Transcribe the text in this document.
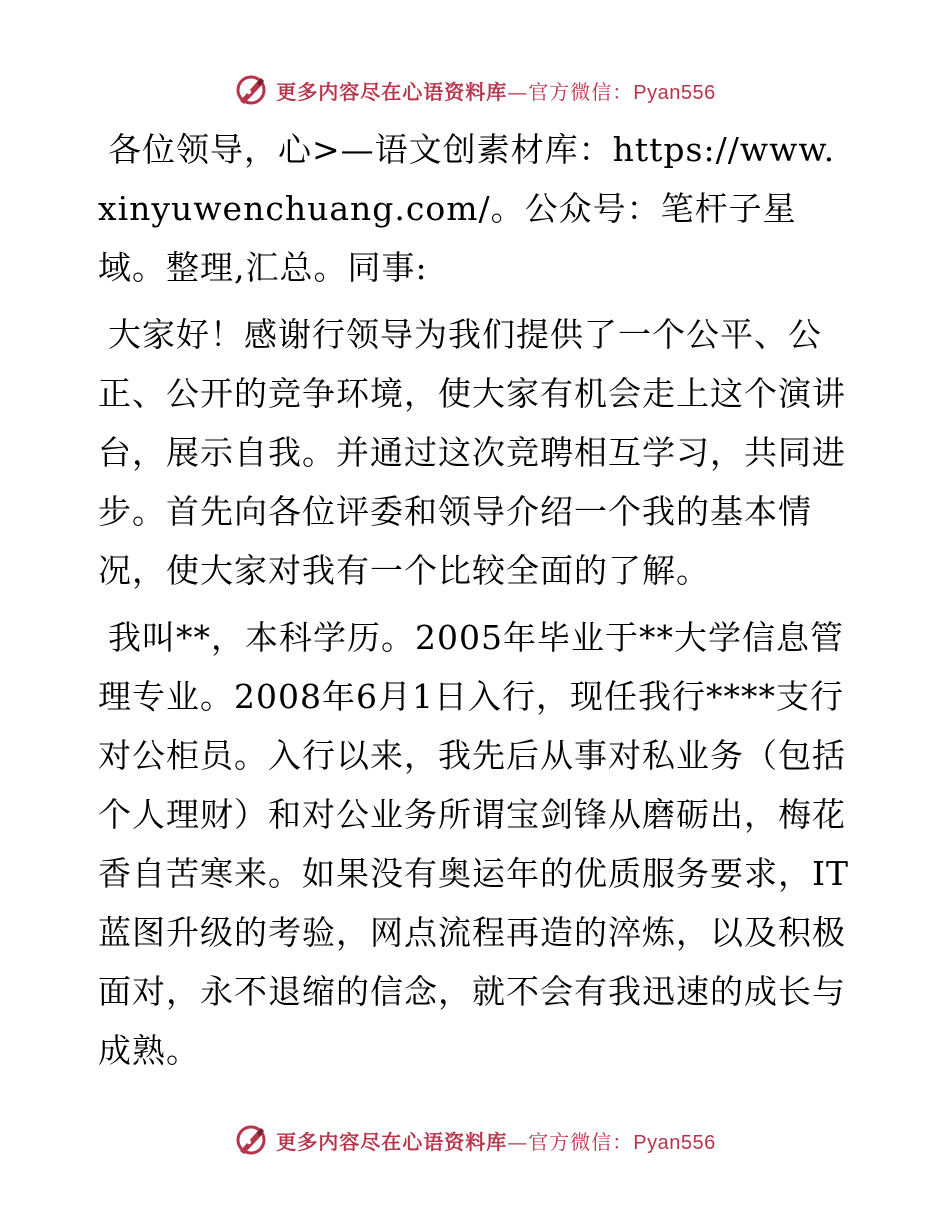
更多内容尽在心语资料库 —官方微信： Pyan556

各位领导，心>—语文创素材库：https://www.xinyuwenchuang.com/。公众号：笔杆子星域。整理,汇总。同事:

大家好！感谢行领导为我们提供了一个公平、公正、公开的竞争环境，使大家有机会走上这个演讲台，展示自我。并通过这次竞聘相互学习，共同进步。首先向各位评委和领导介绍一个我的基本情况，使大家对我有一个比较全面的了解。

我叫**，本科学历。2005年毕业于**大学信息管理专业。2008年6月1日入行，现任我行****支行对公柜员。入行以来，我先后从事对私业务（包括个人理财）和对公业务所谓宝剑锋从磨砺出，梅花香自苦寒来。如果没有奥运年的优质服务要求，IT蓝图升级的考验，网点流程再造的淬炼，以及积极面对，永不退缩的信念，就不会有我迅速的成长与成熟。

更多内容尽在心语资料库 —官方微信： Pyan556
